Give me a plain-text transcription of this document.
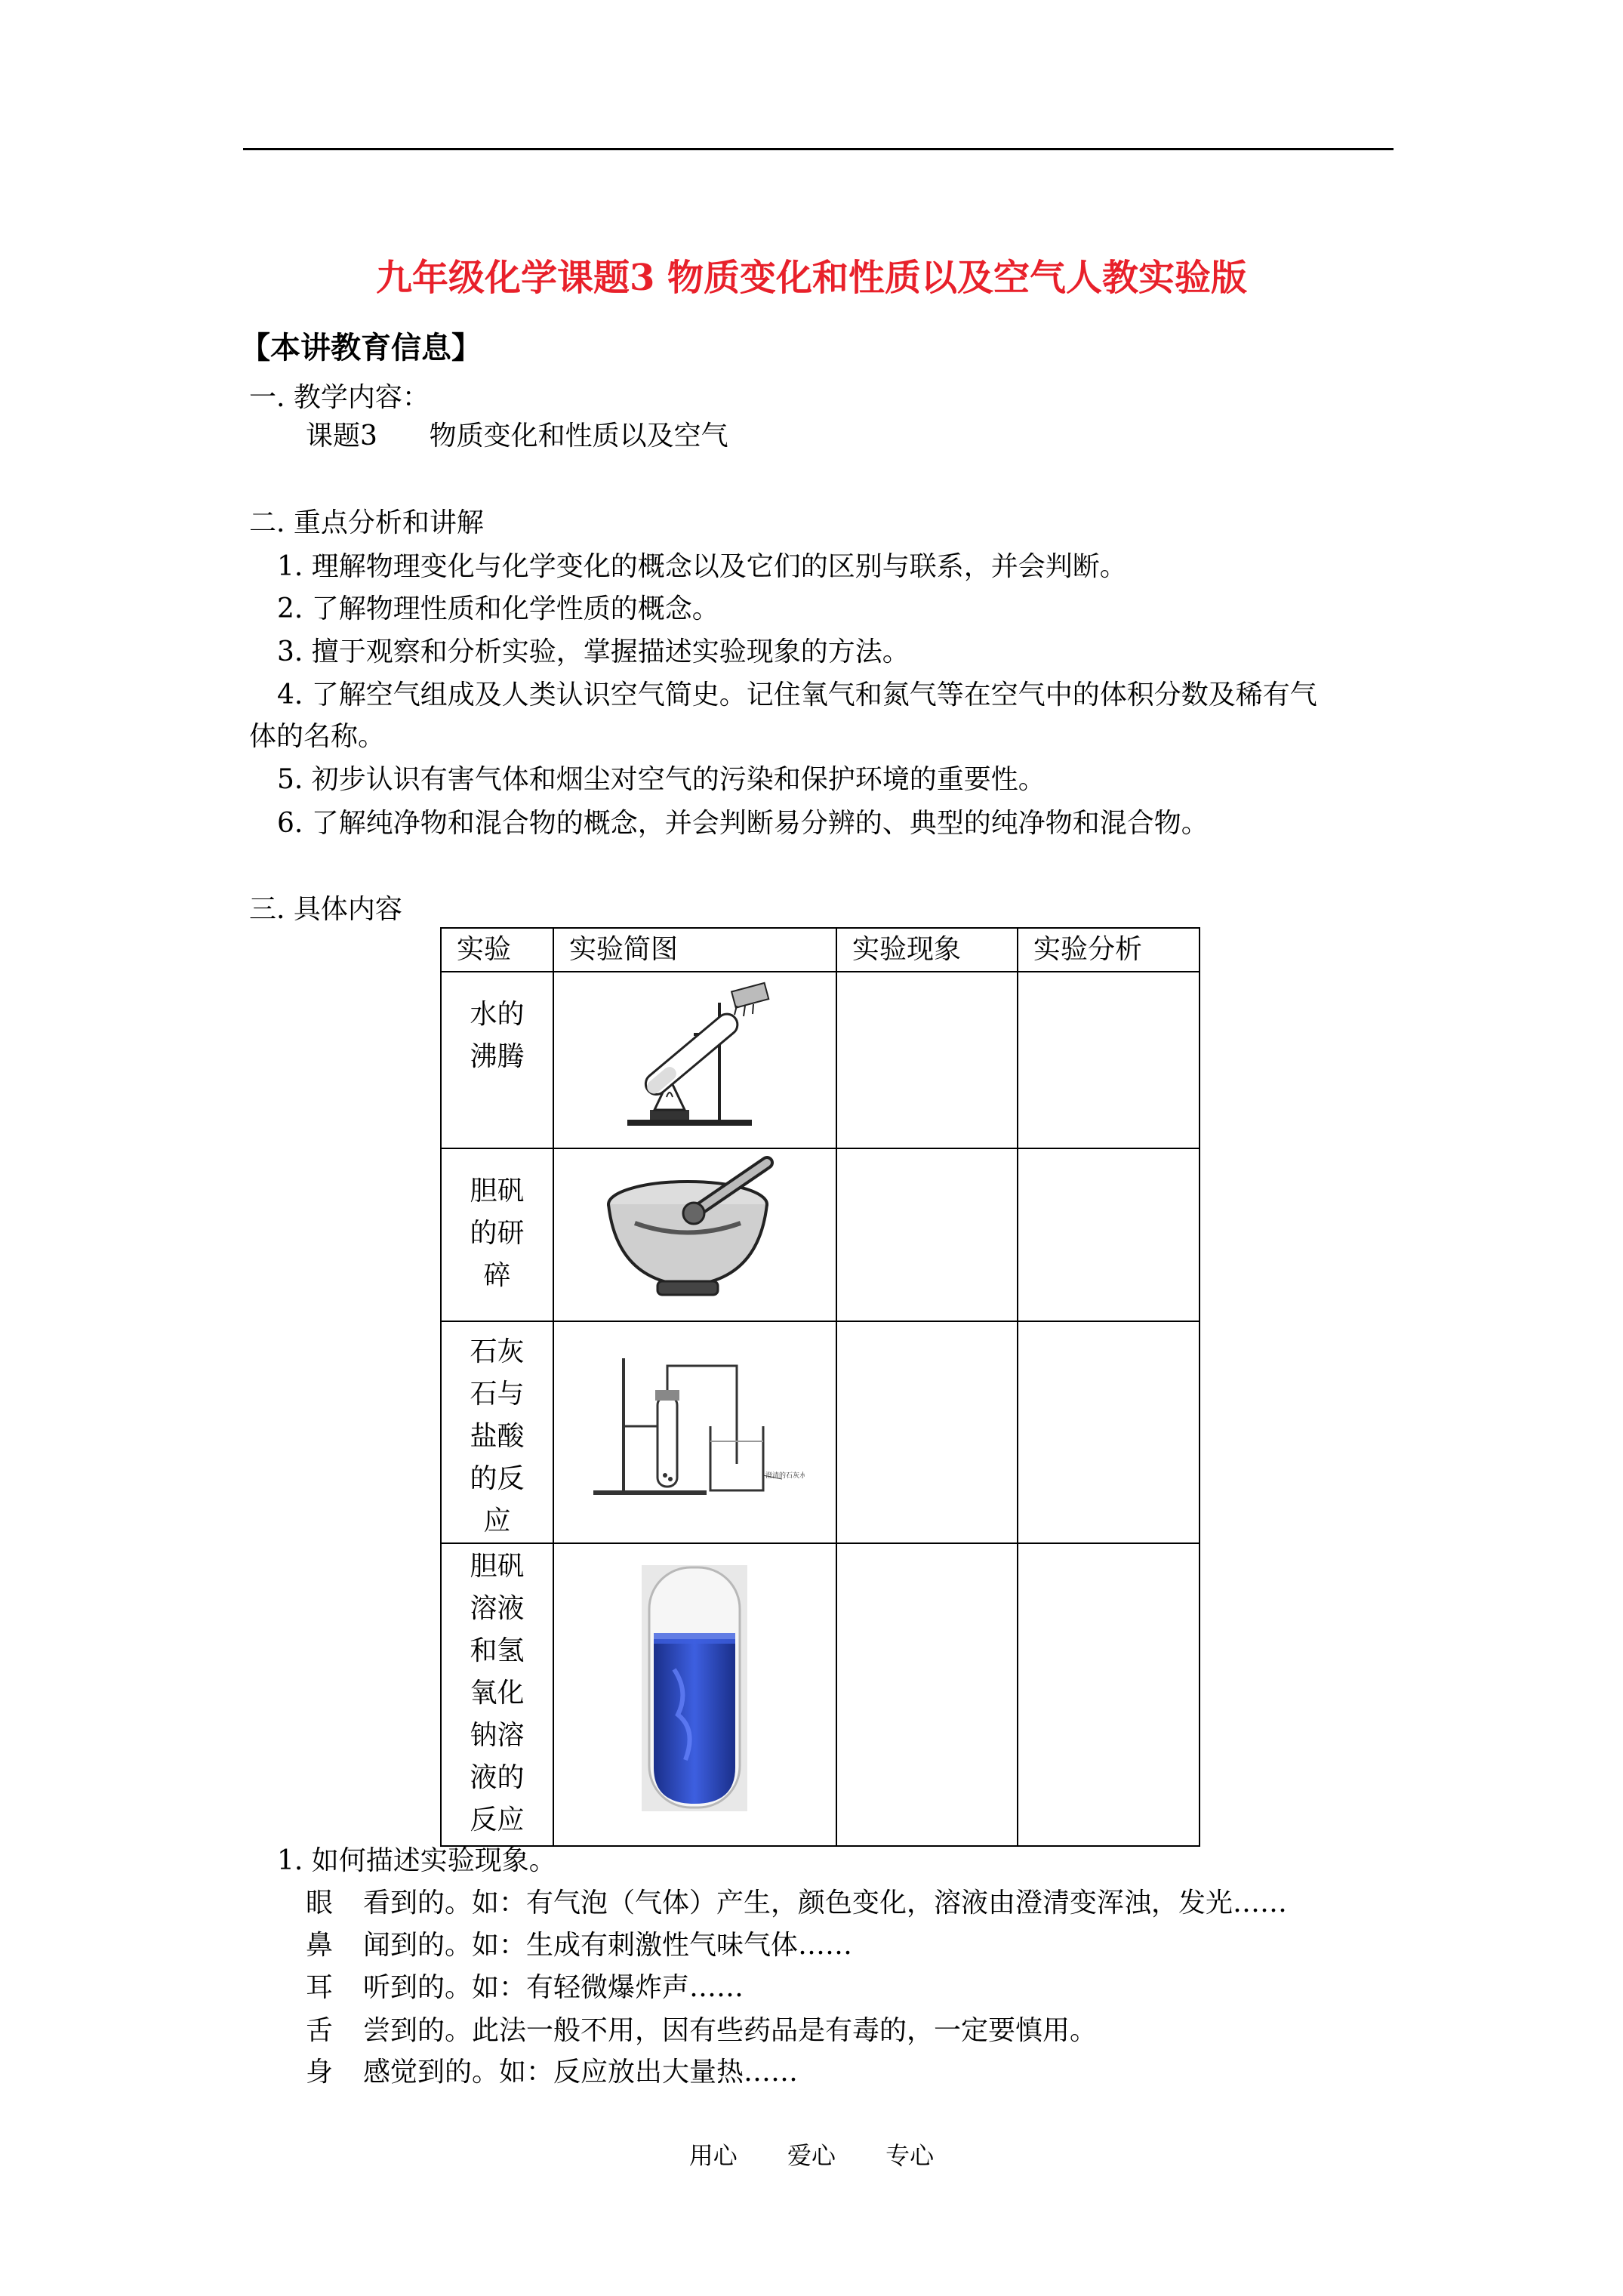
九年级化学课题3 物质变化和性质以及空气人教实验版
【本讲教育信息】
一. 教学内容：
课题3      物质变化和性质以及空气
二. 重点分析和讲解
1. 理解物理变化与化学变化的概念以及它们的区别与联系，并会判断。
2. 了解物理性质和化学性质的概念。
3. 擅于观察和分析实验，掌握描述实验现象的方法。
4. 了解空气组成及人类认识空气简史。记住氧气和氮气等在空气中的体积分数及稀有气
体的名称。
5. 初步认识有害气体和烟尘对空气的污染和保护环境的重要性。
6. 了解纯净物和混合物的概念，并会判断易分辨的、典型的纯净物和混合物。
三. 具体内容
实验	实验简图	实验现象	实验分析
水的沸腾			
胆矾的研碎			
石灰石与盐酸的反应	澄清的石灰水		

胆矾溶液和氢氧化钠溶液的反应			
1. 如何描述实验现象。
眼 看到的。如：有气泡（气体）产生，颜色变化，溶液由澄清变浑浊，发光……
鼻 闻到的。如：生成有刺激性气味气体……
耳 听到的。如：有轻微爆炸声……
舌 尝到的。此法一般不用，因有些药品是有毒的，一定要慎用。
身 感觉到的。如：反应放出大量热……
用心 爱心 专心
